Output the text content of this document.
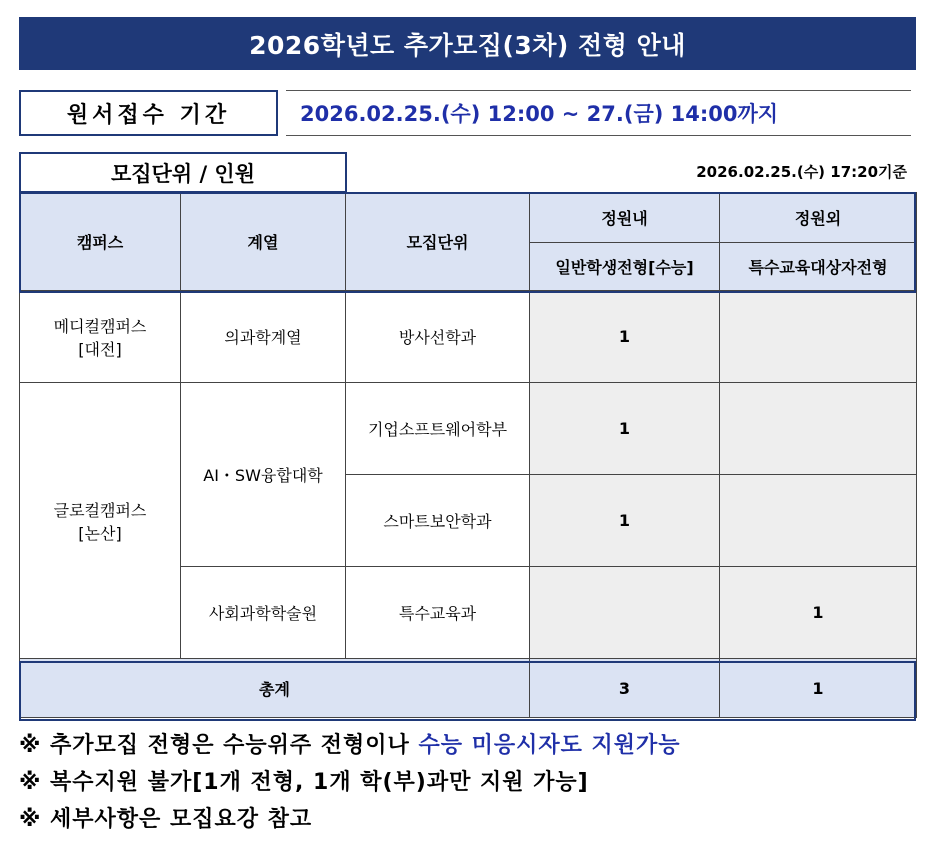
2026학년도 추가모집(3차) 전형 안내
원서접수 기간	2026.02.25.(수) 12:00 ~ 27.(금) 14:00까지
모집단위 / 인원	2026.02.25.(수) 17:20기준
캠퍼스	계열	모집단위	정원내	정원외
			일반학생전형[수능]	특수교육대상자전형
메디컬캠퍼스
[대전]	의과학계열	방사선학과	1	
글로컬캠퍼스
[논산]	AI・SW융합대학	기업소프트웨어학부	1	
		스마트보안학과	1	
	사회과학학술원	특수교육과		1
총계			3	1
※ 추가모집 전형은 수능위주 전형이나 수능 미응시자도 지원가능
※ 복수지원 불가[1개 전형, 1개 학(부)과만 지원 가능]
※ 세부사항은 모집요강 참고
